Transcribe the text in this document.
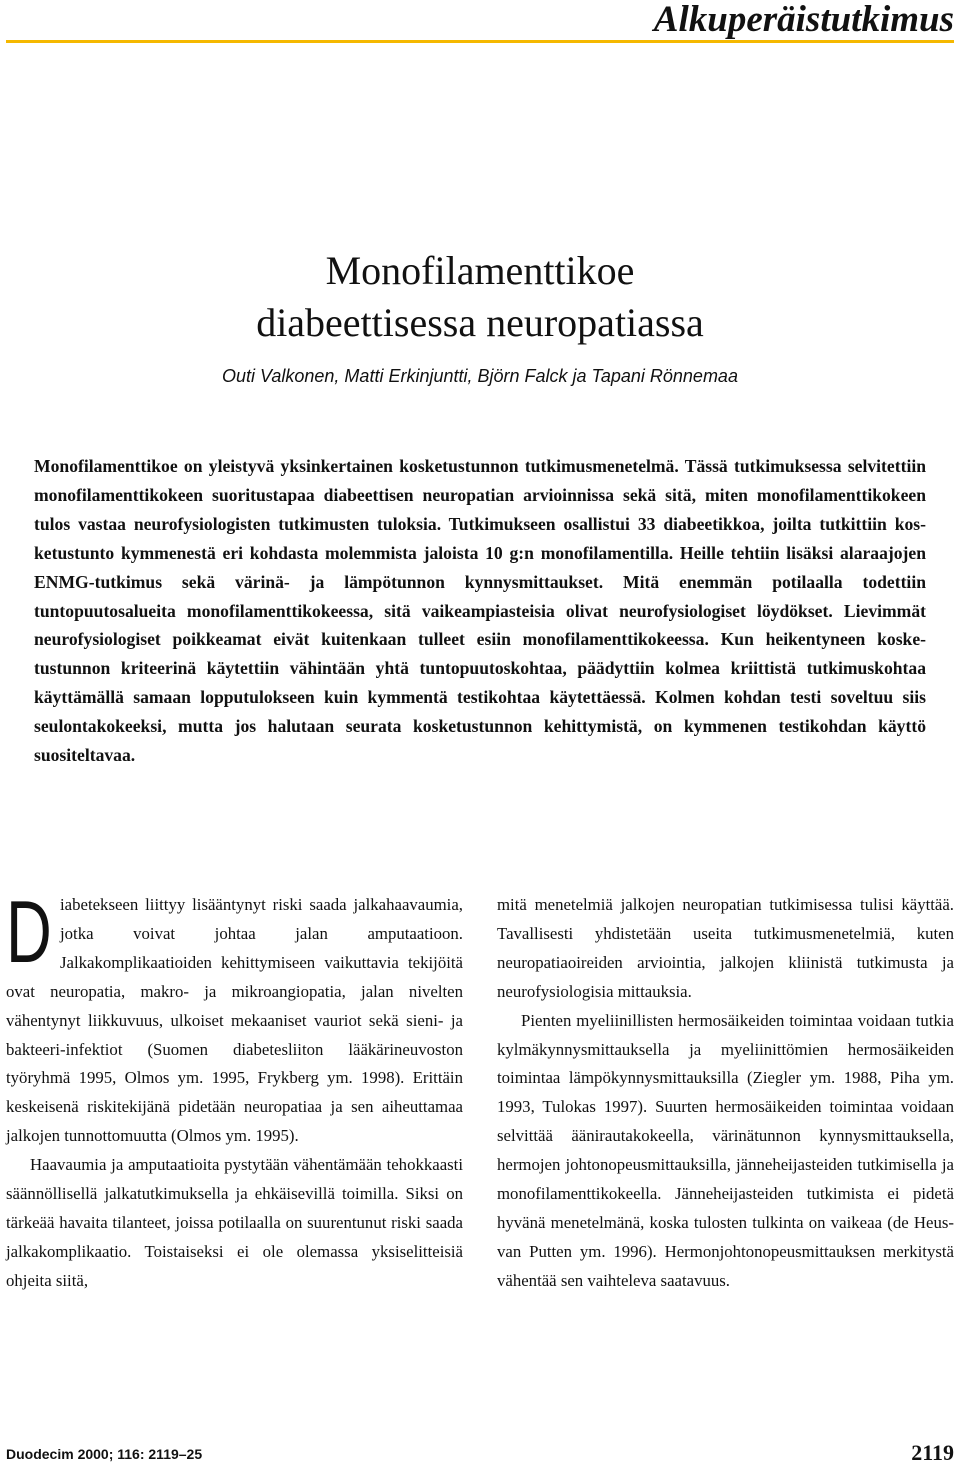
Alkuperäistutkimus
Monofilamenttikoe
diabeettisessa neuropatiassa

Outi Valkonen, Matti Erkinjuntti, Björn Falck ja Tapani Rönnemaa

Monofilamenttikoe on yleistyvä yksinkertainen kosketustunnon tutkimusmenetelmä. Tässä tutkimuksessa selvitettiin monofilamenttikokeen suoritustapaa diabeettisen neuropatian arvioinnissa sekä sitä, miten monofilamenttikokeen tulos vastaa neurofysiologisten tutkimusten tuloksia. Tutkimukseen osallistui 33 diabeetikkoa, joilta tutkittiin kosketustunto kymmenestä eri kohdasta molemmista jaloista 10 g:n monofilamentilla. Heille tehtiin lisäksi alaraajojen ENMG-tutkimus sekä värinä- ja lämpötunnon kynnysmittaukset. Mitä enemmän potilaalla todettiin tuntopuutosalueita monofilamenttikokeessa, sitä vaikeampiasteisia olivat neurofysiologiset löydökset. Lievimmät neurofysiologiset poikkeamat eivät kuitenkaan tulleet esiin monofilamenttikokeessa. Kun heikentyneen kosketustunnon kriteerinä käytettiin vähintään yhtä tuntopuutoskohtaa, päädyttiin kolmea kriittistä tutkimuskohtaa käyttämällä samaan lopputulokseen kuin kymmentä testikohtaa käytettäessä. Kolmen kohdan testi soveltuu siis seulontakokeeksi, mutta jos halutaan seurata kosketustunnon kehittymistä, on kymmenen testikohdan käyttö suositeltavaa.

Diabetekseen liittyy lisääntynyt riski saada jalkahaavaumia, jotka voivat johtaa jalan amputaatioon. Jalkakomplikaatioiden kehittymiseen vaikuttavia tekijöitä ovat neuropatia, makro- ja mikroangiopatia, jalan nivelten vähentynyt liikkuvuus, ulkoiset mekaaniset vauriot sekä sieni- ja bakteeri-infektiot (Suomen diabetesliiton lääkärineuvoston työryhmä 1995, Olmos ym. 1995, Frykberg ym. 1998). Erittäin keskeisenä riskitekijänä pidetään neuropatiaa ja sen aiheuttamaa jalkojen tunnottomuutta (Olmos ym. 1995).

Haavaumia ja amputaatioita pystytään vähentämään tehokkaasti säännöllisellä jalkatutkimuksella ja ehkäisevillä toimilla. Siksi on tärkeää havaita tilanteet, joissa potilaalla on suurentunut riski saada jalkakomplikaatio. Toistaiseksi ei ole olemassa yksiselitteisiä ohjeita siitä,

mitä menetelmiä jalkojen neuropatian tutkimisessa tulisi käyttää. Tavallisesti yhdistetään useita tutkimusmenetelmiä, kuten neuropatiaoireiden arviointia, jalkojen kliinistä tutkimusta ja neurofysiologisia mittauksia.

Pienten myeliinillisten hermosäikeiden toimintaa voidaan tutkia kylmäkynnysmittauksella ja myeliinittömien hermosäikeiden toimintaa lämpökynnysmittauksilla (Ziegler ym. 1988, Piha ym. 1993, Tulokas 1997). Suurten hermosäikeiden toimintaa voidaan selvittää äänirautakokeella, värinätunnon kynnysmittauksella, hermojen johtonopeusmittauksilla, jänneheijasteiden tutkimisella ja monofilamenttikokeella. Jänneheijasteiden tutkimista ei pidetä hyvänä menetelmänä, koska tulosten tulkinta on vaikeaa (de Heus-van Putten ym. 1996). Hermonjohtonopeusmittauksen merkitystä vähentää sen vaihteleva saatavuus.

Duodecim 2000; 116: 2119–25	2119
